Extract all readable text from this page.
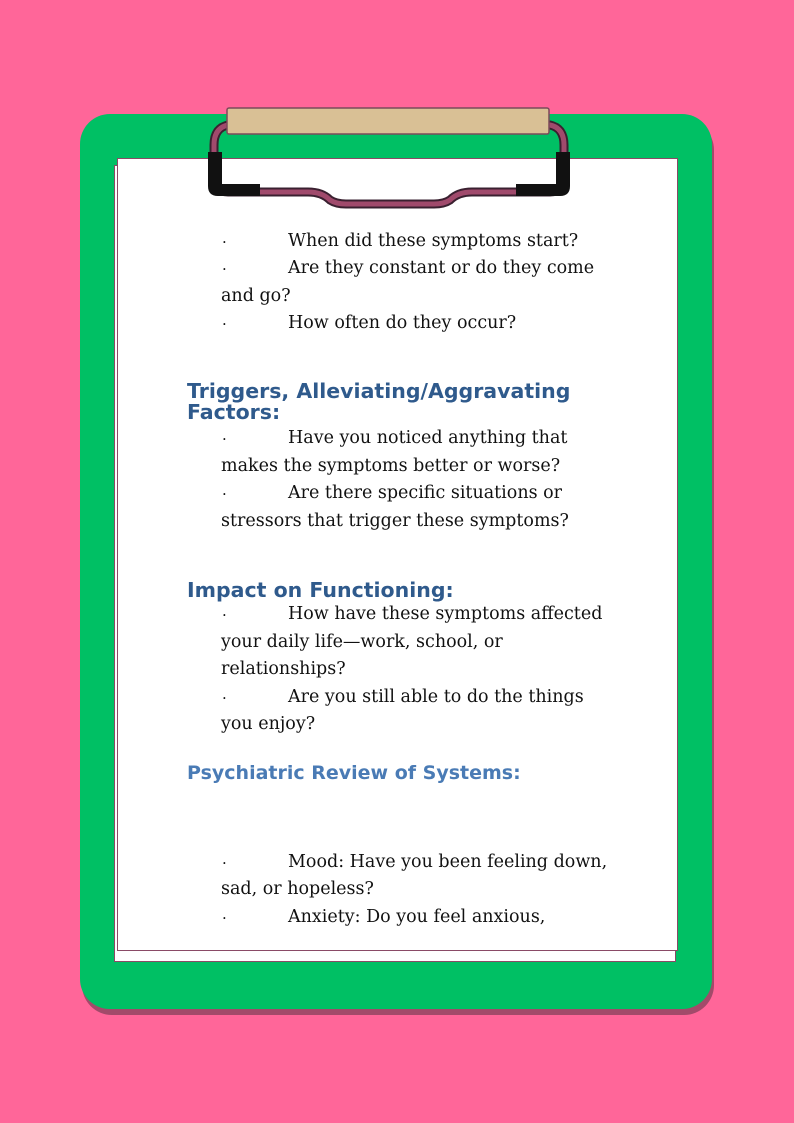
·	When did these symptoms start?
·	Are they constant or do they come
and go?
·	How often do they occur?
Triggers, Alleviating/Aggravating
Factors:
·	Have you noticed anything that
makes the symptoms better or worse?
·	Are there specific situations or
stressors that trigger these symptoms?
Impact on Functioning:
·	How have these symptoms affected
your daily life—work, school, or
relationships?
·	Are you still able to do the things
you enjoy?
Psychiatric Review of Systems:
·	Mood: Have you been feeling down,
sad, or hopeless?
·	Anxiety: Do you feel anxious,
